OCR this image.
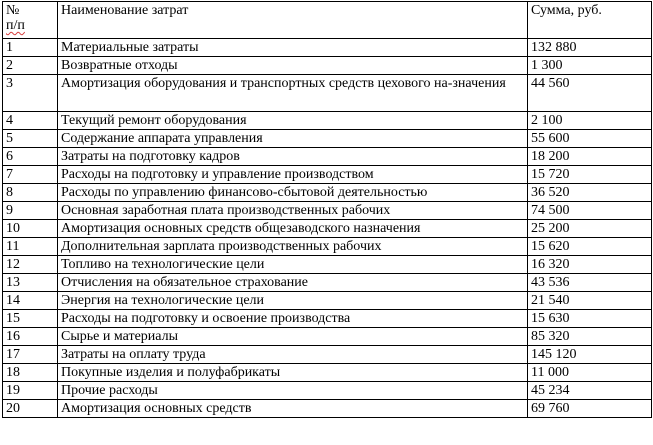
№
п/п	Наименование затрат	Сумма, руб.
1	Материальные затраты	132 880
2	Возвратные отходы	1 300
3	Амортизация оборудования и транспортных средств цехового на-значения	44 560
4	Текущий ремонт оборудования	2 100
5	Содержание аппарата управления	55 600
6	Затраты на подготовку кадров	18 200
7	Расходы на подготовку и управление производством	15 720
8	Расходы по управлению финансово-сбытовой деятельностью	36 520
9	Основная заработная плата производственных рабочих	74 500
10	Амортизация основных средств общезаводского назначения	25 200
11	Дополнительная зарплата производственных рабочих	15 620
12	Топливо на технологические цели	16 320
13	Отчисления на обязательное страхование	43 536
14	Энергия на технологические цели	21 540
15	Расходы на подготовку и освоение производства	15 630
16	Сырье и материалы	85 320
17	Затраты на оплату труда	145 120
18	Покупные изделия и полуфабрикаты	11 000
19	Прочие расходы	45 234
20	Амортизация основных средств	69 760
